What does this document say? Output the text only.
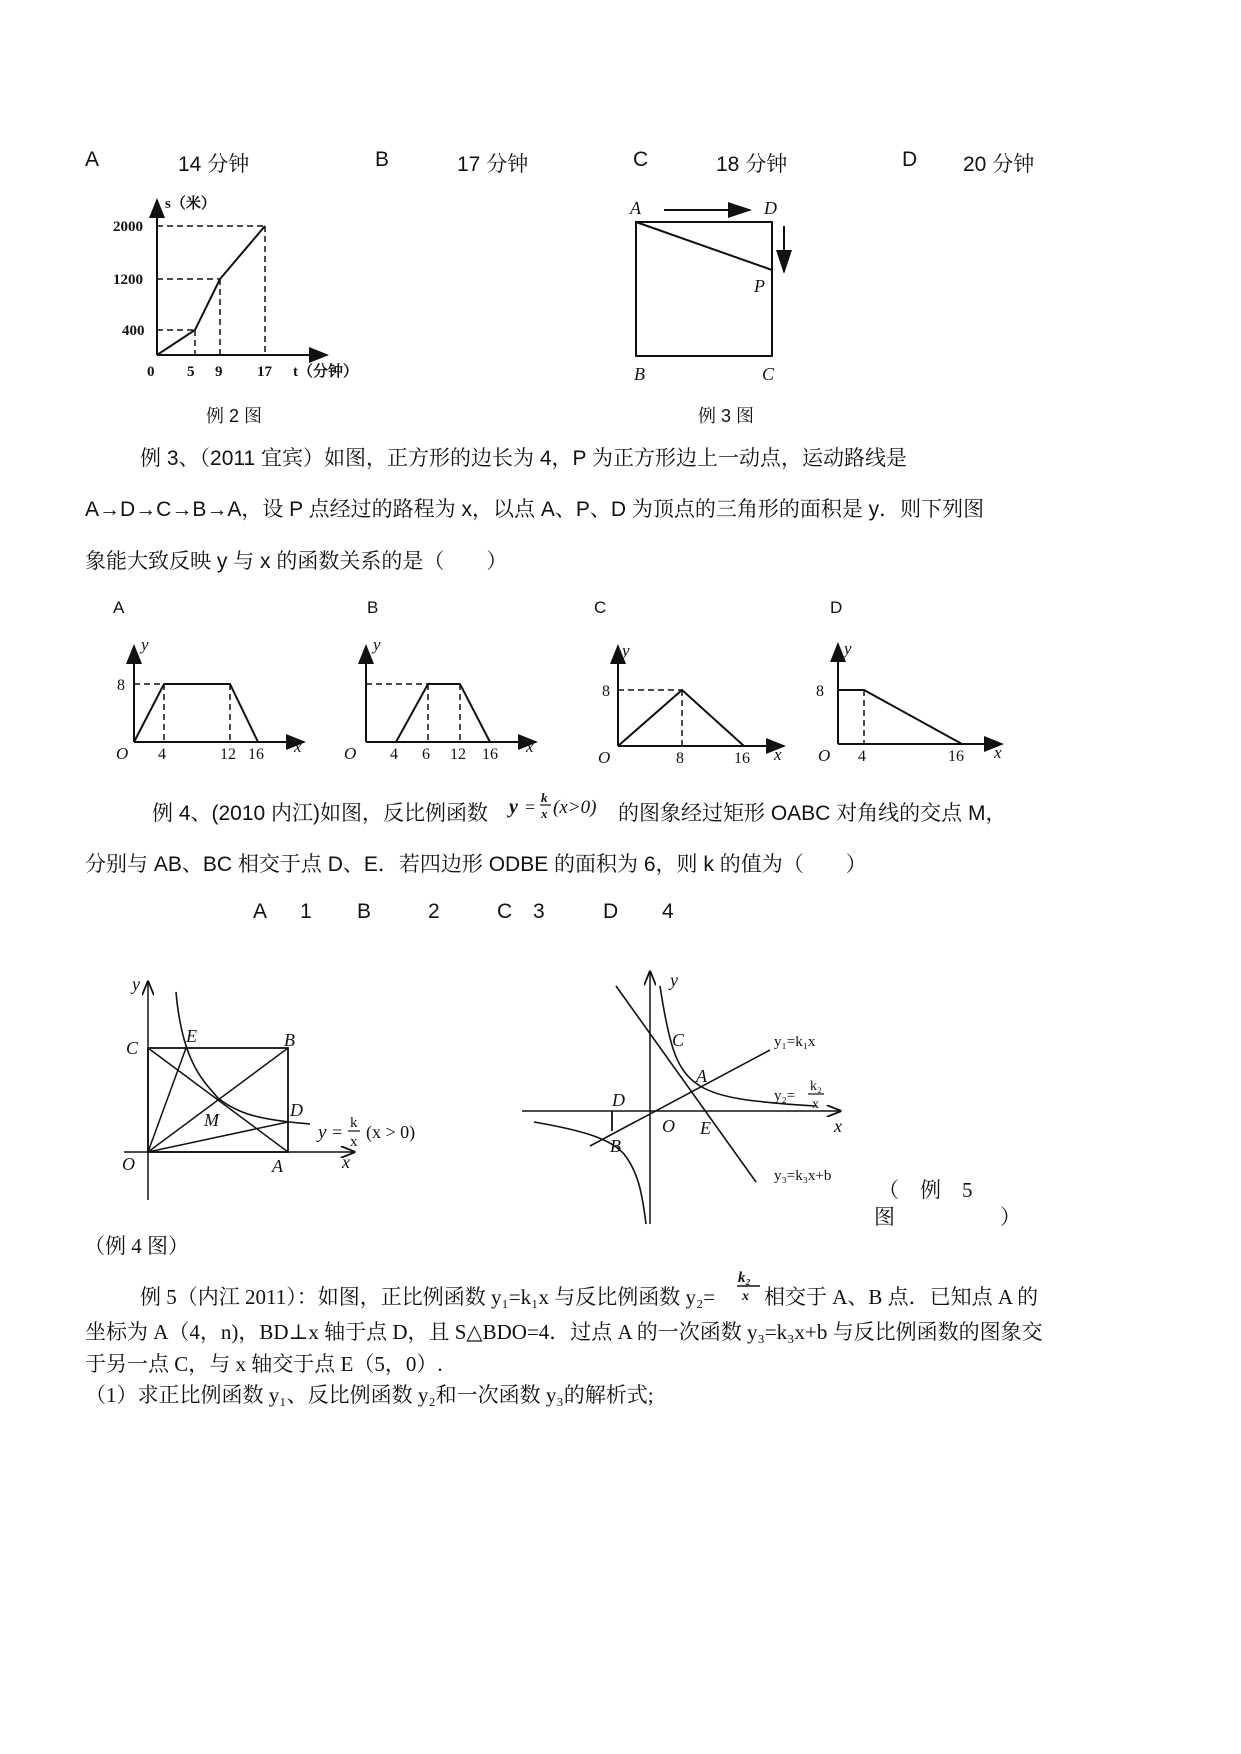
A	14 分钟	B	17 分钟	C	18 分钟	D 20 分钟
s（米）
2000
1200
400
0 5 9 17 t（分钟）
例 2 图
A	D
P
B	C
例 3 图
例 3、（2011 宜宾）如图，正方形的边长为 4，P 为正方形边上一动点，运动路线是
A→D→C→B→A，设 P 点经过的路程为 x，以点 A、P、D 为顶点的三角形的面积是 y．则下列图
象能大致反映 y 与 x 的函数关系的是（　　）
A	B	C	D
y
8
O 4	12 16 x
y
O 4 6 12 16 x
y
8
O	8	16 x
y
8
O 4	16 x
例 4、(2010 内江)如图，反比例函数 y = k
x (x>0) 的图象经过矩形 OABC 对角线的交点 M，
分别与 AB、BC 相交于点 D、E．若四边形 ODBE 的面积为 6，则 k 的值为（　　）
A 1 B	2	C 3	D 4
y
C
E	B
M	D
O	A	x
y = k
x (x > 0)
（例 4 图）
y
C
A
D
O E
B
x
y₁=k₁x
y₂=
k₂
x
y₃=k₃x+b
（　例　5
图　　　　　）
例 5（内江 2011）：如图，正比例函数 y₁=k₁x 与反比例函数 y₂=
k₂
x 相交于 A、B 点．已知点 A 的
坐标为 A（4，n)，BD⊥x 轴于点 D，且 S△BDO=4．过点 A 的一次函数 y₃=k₃x+b 与反比例函数的图象交
于另一点 C，与 x 轴交于点 E（5，0）.
（1）求正比例函数 y₁、反比例函数 y₂和一次函数 y₃的解析式;
